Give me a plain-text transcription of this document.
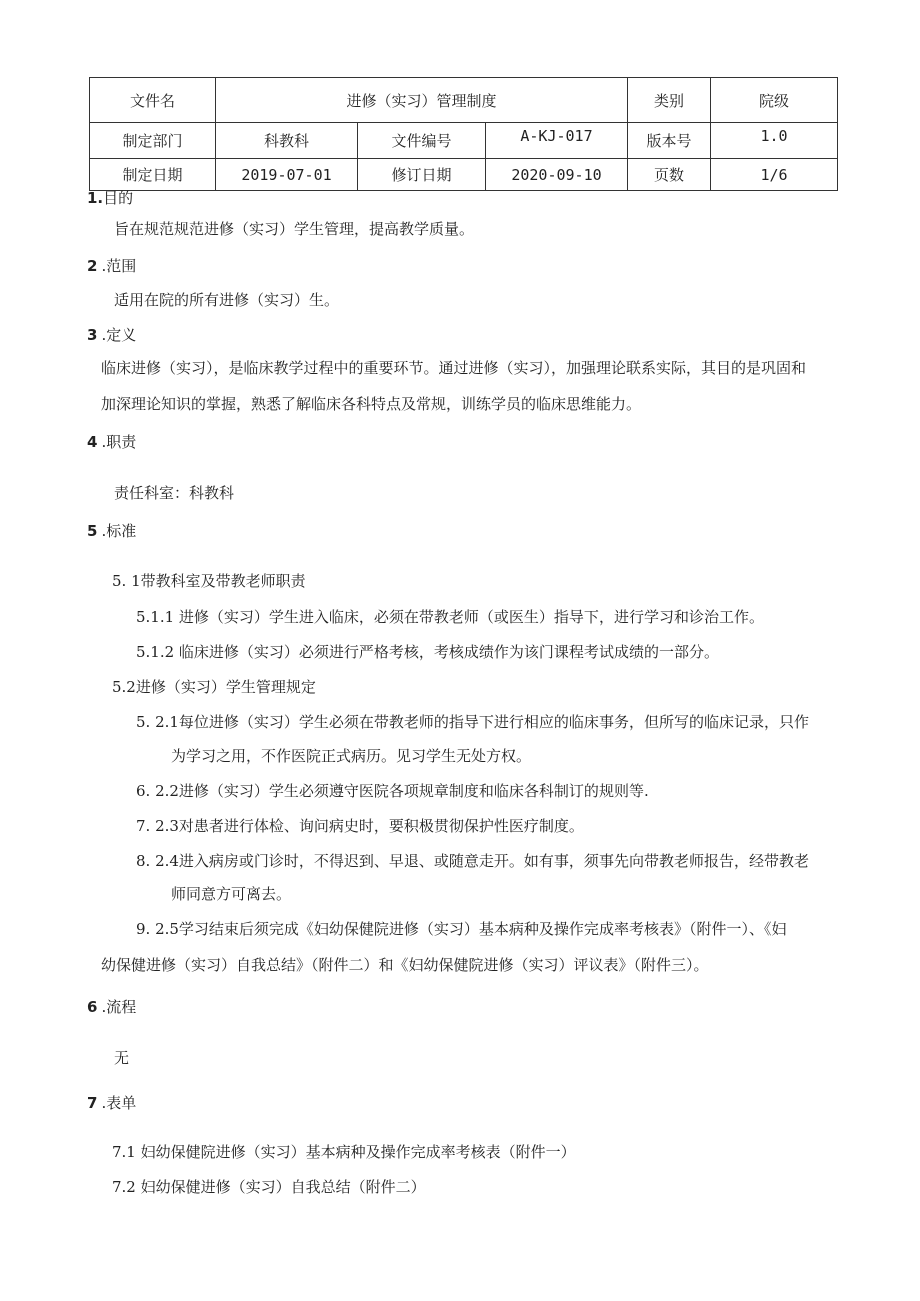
文件名	进修（实习）管理制度			类别	院级
制定部门	科教科	文件编号	A-KJ-017	版本号	1.0
制定日期	2019-07-01	修订日期	2020-09-10	页数	1/6
1.目的
旨在规范规范进修（实习）学生管理，提高教学质量。
2 .范围
适用在院的所有进修（实习）生。
3 .定义
临床进修（实习），是临床教学过程中的重要环节。通过进修（实习），加强理论联系实际，其目的是巩固和
加深理论知识的掌握，熟悉了解临床各科特点及常规，训练学员的临床思维能力。
4 .职责
责任科室：科教科
5 .标准
5. 1带教科室及带教老师职责
5.1.1 进修（实习）学生进入临床，必须在带教老师（或医生）指导下，进行学习和诊治工作。
5.1.2 临床进修（实习）必须进行严格考核，考核成绩作为该门课程考试成绩的一部分。
5.2进修（实习）学生管理规定
5. 2.1每位进修（实习）学生必须在带教老师的指导下进行相应的临床事务，但所写的临床记录，只作
为学习之用，不作医院正式病历。见习学生无处方权。
6. 2.2进修（实习）学生必须遵守医院各项规章制度和临床各科制订的规则等.
7. 2.3对患者进行体检、询问病史时，要积极贯彻保护性医疗制度。
8. 2.4进入病房或门诊时，不得迟到、早退、或随意走开。如有事，须事先向带教老师报告，经带教老
师同意方可离去。
9. 2.5学习结束后须完成《妇幼保健院进修（实习）基本病种及操作完成率考核表》（附件一）、《妇
幼保健进修（实习）自我总结》（附件二）和《妇幼保健院进修（实习）评议表》（附件三）。
6 .流程
无
7 .表单
7.1 妇幼保健院进修（实习）基本病种及操作完成率考核表（附件一）
7.2 妇幼保健进修（实习）自我总结（附件二）
